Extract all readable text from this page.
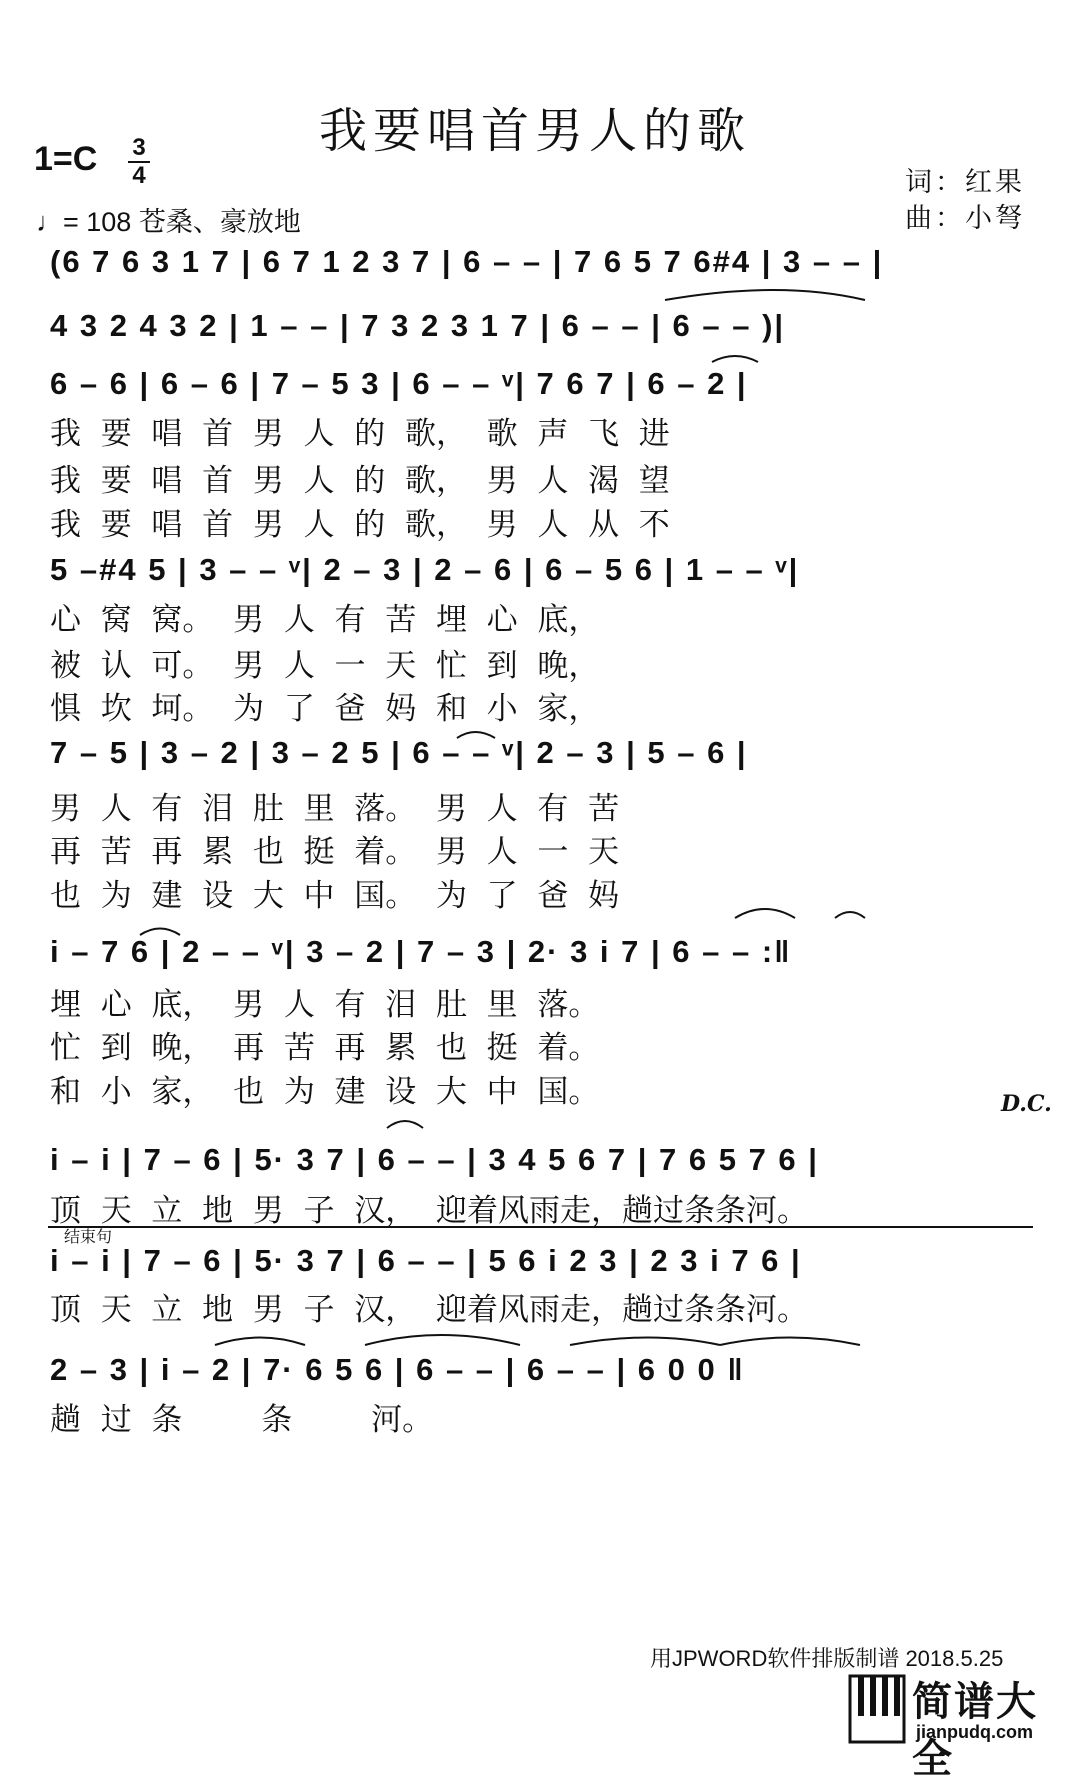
我要唱首男人的歌
1=C 3
4
♩= 108 苍桑、豪放地
词：红果
曲：小弩
(6 7 6 3 1 7 | 6 7 1 2 3 7 | 6 – – | 7 6 5 7 6#4 | 3 – – |
4 3 2 4 3 2 | 1 – – | 7 3 2 3 1 7 | 6 – – | 6 – – )|
6 – 6 | 6 – 6 | 7 – 5 3 | 6 – – ᵛ| 7 6 7 | 6 – 2 |
我  要  唱  首  男  人  的  歌，  歌  声  飞  进
我  要  唱  首  男  人  的  歌，  男  人  渴  望
我  要  唱  首  男  人  的  歌，  男  人  从  不
5 –#4 5 | 3 – – ᵛ| 2 – 3 | 2 – 6 | 6 – 5 6 | 1 – – ᵛ|
心  窝  窝。  男  人  有  苦  埋  心  底，
被  认  可。  男  人  一  天  忙  到  晚，
惧  坎  坷。  为  了  爸  妈  和  小  家，
7 – 5 | 3 – 2 | 3 – 2 5 | 6 – – ᵛ| 2 – 3 | 5 – 6 |
男  人  有  泪  肚  里  落。  男  人  有  苦
再  苦  再  累  也  挺  着。  男  人  一  天
也  为  建  设  大  中  国。  为  了  爸  妈
i – 7 6 | 2 – – ᵛ| 3 – 2 | 7 – 3 | 2· 3 i 7 | 6 – – :‖
埋  心  底，  男  人  有  泪  肚  里  落。
忙  到  晚，  再  苦  再  累  也  挺  着。
和  小  家，  也  为  建  设  大  中  国。	D.C.
结束句
i – i | 7 – 6 | 5· 3 7 | 6 – – | 3 4 5 6 7 | 7 6 5 7 6 |
顶  天  立  地  男  子  汉，  迎着风雨走，趟过条条河。
i – i | 7 – 6 | 5· 3 7 | 6 – – | 5 6 i 2 3 | 2 3 i 7 6 |
顶  天  立  地  男  子  汉，  迎着风雨走，趟过条条河。
2 – 3 | i – 2 | 7· 6 5 6 | 6 – – | 6 – – | 6 0 0 ‖
趟  过  条        条        河。
用JPWORD软件排版制谱 2018.5.25
简谱大全
jianpudq.com
